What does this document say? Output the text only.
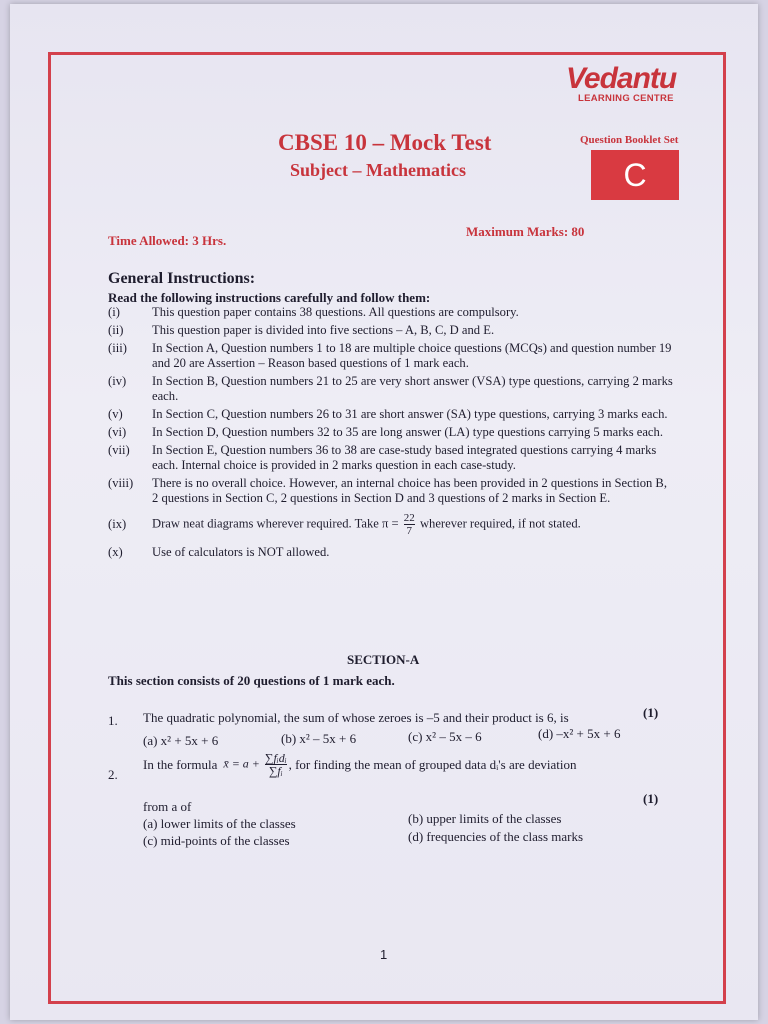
Vedantu
LEARNING CENTRE
CBSE 10 – Mock Test
Subject – Mathematics
Question Booklet Set
C
Time Allowed: 3 Hrs.
Maximum Marks: 80
General Instructions:
Read the following instructions carefully and follow them:
(i)	This question paper contains 38 questions. All questions are compulsory.
(ii)	This question paper is divided into five sections – A, B, C, D and E.
(iii)	In Section A, Question numbers 1 to 18 are multiple choice questions (MCQs) and question number 19 and 20 are Assertion – Reason based questions of 1 mark each.
(iv)	In Section B, Question numbers 21 to 25 are very short answer (VSA) type questions, carrying 2 marks each.
(v)	In Section C, Question numbers 26 to 31 are short answer (SA) type questions, carrying 3 marks each.
(vi)	In Section D, Question numbers 32 to 35 are long answer (LA) type questions carrying 5 marks each.
(vii)	In Section E, Question numbers 36 to 38 are case-study based integrated questions carrying 4 marks each. Internal choice is provided in 2 marks question in each case-study.
(viii)	There is no overall choice. However, an internal choice has been provided in 2 questions in Section B, 2 questions in Section C, 2 questions in Section D and 3 questions of 2 marks in Section E.
(ix)	Draw neat diagrams wherever required. Take $\pi = \frac{22}{7}$ wherever required, if not stated.
(x)	Use of calculators is NOT allowed.
SECTION-A
This section consists of 20 questions of 1 mark each.
1. The quadratic polynomial, the sum of whose zeroes is –5 and their product is 6, is	(1)
(a) x² + 5x + 6	(b) x² – 5x + 6	(c) x² – 5x – 6	(d) –x² + 5x + 6
2.
In the formula x̄ = $a + \frac{\text{∑fᵢdᵢ}}{\text{∑fᵢ}}$ , for finding the mean of grouped data dᵢ's are deviation
from a of
(1)
(a) lower limits of the classes	(b) upper limits of the classes
(c) mid-points of the classes	(d) frequencies of the class marks
1
